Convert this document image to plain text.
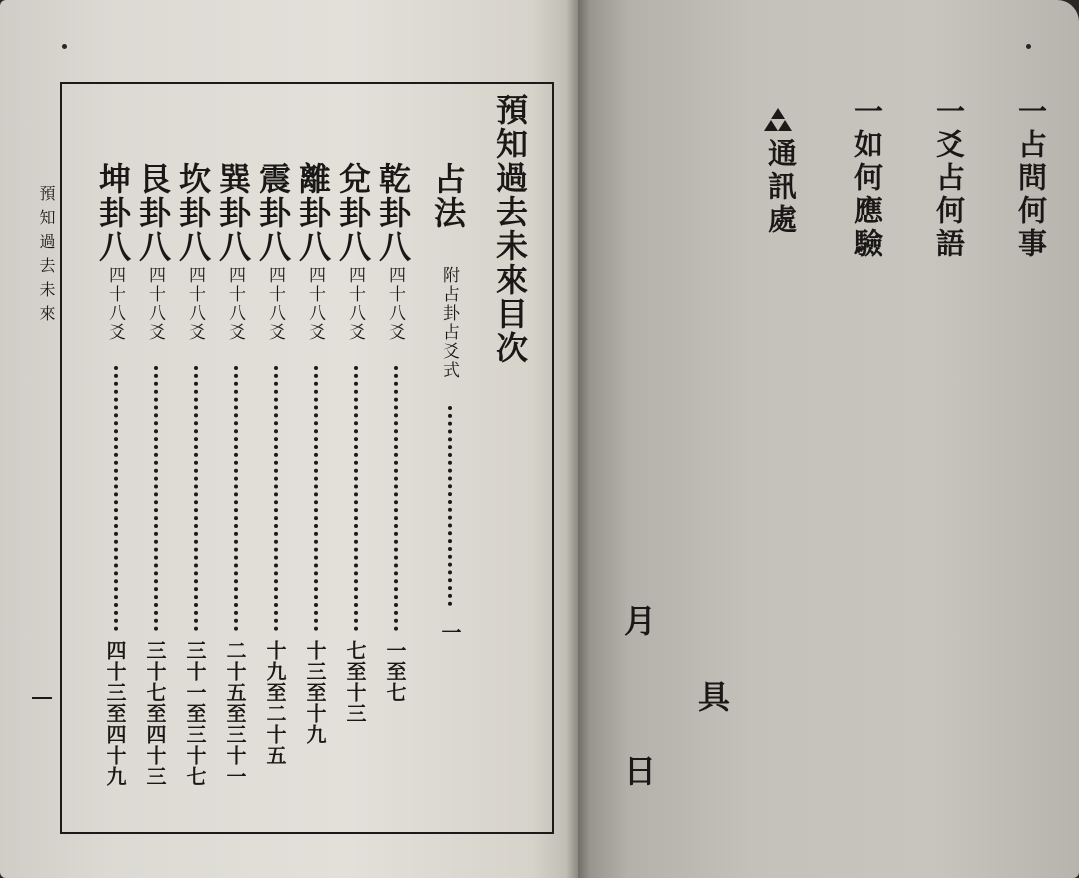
預知過去未來	預知過去未來目次
占法
附占卦占爻式
一
乾卦八
四十八爻
一至七
兌卦八
四十八爻
七至十三
離卦八
四十八爻
十三至十九
震卦八
四十八爻
十九至二十五
巽卦八
四十八爻
二十五至三十一
坎卦八
四十八爻
三十一至三十七
艮卦八
四十八爻
三十七至四十三
坤卦八
四十八爻
四十三至四十九
一占問何事
一爻占何語
一如何應驗
通訊處
月
日
具
